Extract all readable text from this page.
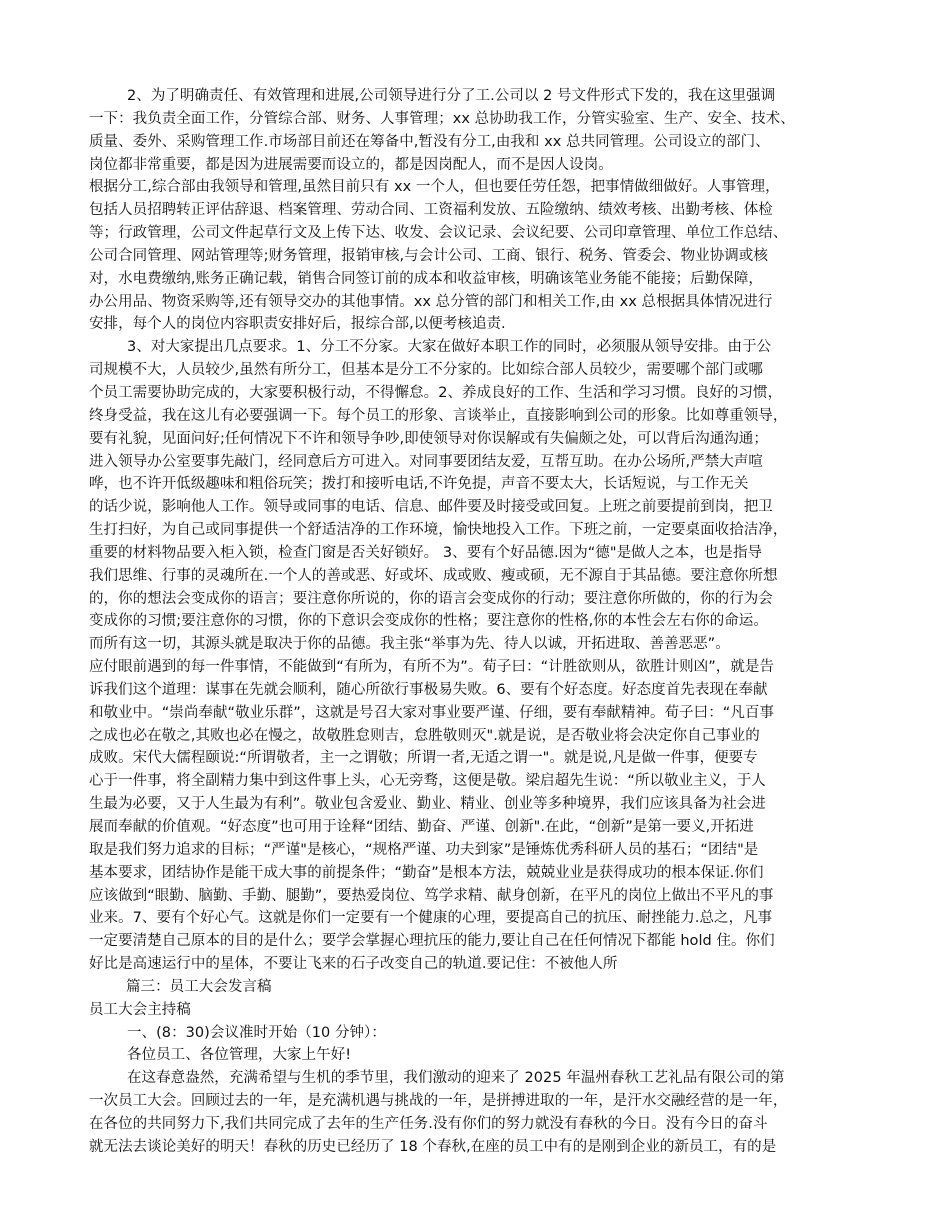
2、为了明确责任、有效管理和进展,公司领导进行分了工.公司以 2 号文件形式下发的，我在这里强调
一下：我负责全面工作，分管综合部、财务、人事管理；xx 总协助我工作，分管实验室、生产、安全、技术、
质量、委外、采购管理工作.市场部目前还在筹备中,暂没有分工,由我和 xx 总共同管理。公司设立的部门、
岗位都非常重要，都是因为进展需要而设立的，都是因岗配人，而不是因人设岗。
根据分工,综合部由我领导和管理,虽然目前只有 xx 一个人，但也要任劳任怨，把事情做细做好。人事管理，
包括人员招聘转正评估辞退、档案管理、劳动合同、工资福利发放、五险缴纳、绩效考核、出勤考核、体检
等；行政管理，公司文件起草行文及上传下达、收发、会议记录、会议纪要、公司印章管理、单位工作总结、
公司合同管理、网站管理等;财务管理，报销审核,与会计公司、工商、银行、税务、管委会、物业协调或核
对，水电费缴纳,账务正确记载，销售合同签订前的成本和收益审核，明确该笔业务能不能接；后勤保障，
办公用品、物资采购等,还有领导交办的其他事情。xx 总分管的部门和相关工作,由 xx 总根据具体情况进行
安排，每个人的岗位内容职责安排好后，报综合部,以便考核追责.
3、对大家提出几点要求。1、分工不分家。大家在做好本职工作的同时，必须服从领导安排。由于公
司规模不大，人员较少,虽然有所分工，但基本是分工不分家的。比如综合部人员较少，需要哪个部门或哪
个员工需要协助完成的，大家要积极行动，不得懈怠。2、养成良好的工作、生活和学习习惯。良好的习惯，
终身受益，我在这儿有必要强调一下。每个员工的形象、言谈举止，直接影响到公司的形象。比如尊重领导，
要有礼貌，见面问好;任何情况下不许和领导争吵,即使领导对你误解或有失偏颇之处，可以背后沟通沟通；
进入领导办公室要事先敲门，经同意后方可进入。对同事要团结友爱，互帮互助。在办公场所,严禁大声喧
哗，也不许开低级趣味和粗俗玩笑；拨打和接听电话,不许免提，声音不要太大，长话短说，与工作无关
的话少说，影响他人工作。领导或同事的电话、信息、邮件要及时接受或回复。上班之前要提前到岗，把卫
生打扫好，为自己或同事提供一个舒适洁净的工作环境，愉快地投入工作。下班之前，一定要桌面收拾洁净，
重要的材料物品要入柜入锁，检查门窗是否关好锁好。 3、要有个好品德.因为“德"是做人之本，也是指导
我们思维、行事的灵魂所在.一个人的善或恶、好或坏、成或败、瘦或硕，无不源自于其品德。要注意你所想
的，你的想法会变成你的语言；要注意你所说的，你的语言会变成你的行动；要注意你所做的，你的行为会
变成你的习惯;要注意你的习惯，你的下意识会变成你的性格；要注意你的性格,你的本性会左右你的命运。
而所有这一切，其源头就是取决于你的品德。我主张“举事为先、待人以诚，开拓进取、善善恶恶”。
应付眼前遇到的每一件事情，不能做到“有所为，有所不为”。荀子曰：“计胜欲则从，欲胜计则凶”，就是告
诉我们这个道理：谋事在先就会顺利，随心所欲行事极易失败。6、要有个好态度。好态度首先表现在奉献
和敬业中。“崇尚奉献“敬业乐群”，这就是号召大家对事业要严谨、仔细，要有奉献精神。荀子曰：“凡百事
之成也必在敬之,其败也必在慢之，故敬胜怠则吉，怠胜敬则灭".就是说，是否敬业将会决定你自己事业的
成败。宋代大儒程颐说:“所谓敬者，主一之谓敬；所谓一者,无适之谓一"。就是说,凡是做一件事，便要专
心于一件事，将全副精力集中到这件事上头，心无旁骛，这便是敬。梁启超先生说：“所以敬业主义，于人
生最为必要，又于人生最为有利”。敬业包含爱业、勤业、精业、创业等多种境界，我们应该具备为社会进
展而奉献的价值观。“好态度”也可用于诠释“团结、勤奋、严谨、创新".在此，“创新”是第一要义,开拓进
取是我们努力追求的目标；“严谨"是核心，“规格严谨、功夫到家”是锤炼优秀科研人员的基石；“团结"是
基本要求，团结协作是能干成大事的前提条件；“勤奋”是根本方法，兢兢业业是获得成功的根本保证.你们
应该做到“眼勤、脑勤、手勤、腿勤”，要热爱岗位、笃学求精、献身创新，在平凡的岗位上做出不平凡的事
业来。7、要有个好心气。这就是你们一定要有一个健康的心理，要提高自己的抗压、耐挫能力.总之，凡事
一定要清楚自己原本的目的是什么；要学会掌握心理抗压的能力,要让自己在任何情况下都能 hold 住。你们
好比是高速运行中的星体，不要让飞来的石子改变自己的轨道.要记住：不被他人所
篇三：员工大会发言稿
员工大会主持稿
一、(8：30)会议准时开始（10 分钟）：
各位员工、各位管理，大家上午好!
在这春意盎然，充满希望与生机的季节里，我们激动的迎来了 2025 年温州春秋工艺礼品有限公司的第
一次员工大会。回顾过去的一年，是充满机遇与挑战的一年，是拼搏进取的一年，是汗水交融经营的是一年，
在各位的共同努力下,我们共同完成了去年的生产任务.没有你们的努力就没有春秋的今日。没有今日的奋斗
就无法去谈论美好的明天！春秋的历史已经历了 18 个春秋,在座的员工中有的是刚到企业的新员工，有的是
